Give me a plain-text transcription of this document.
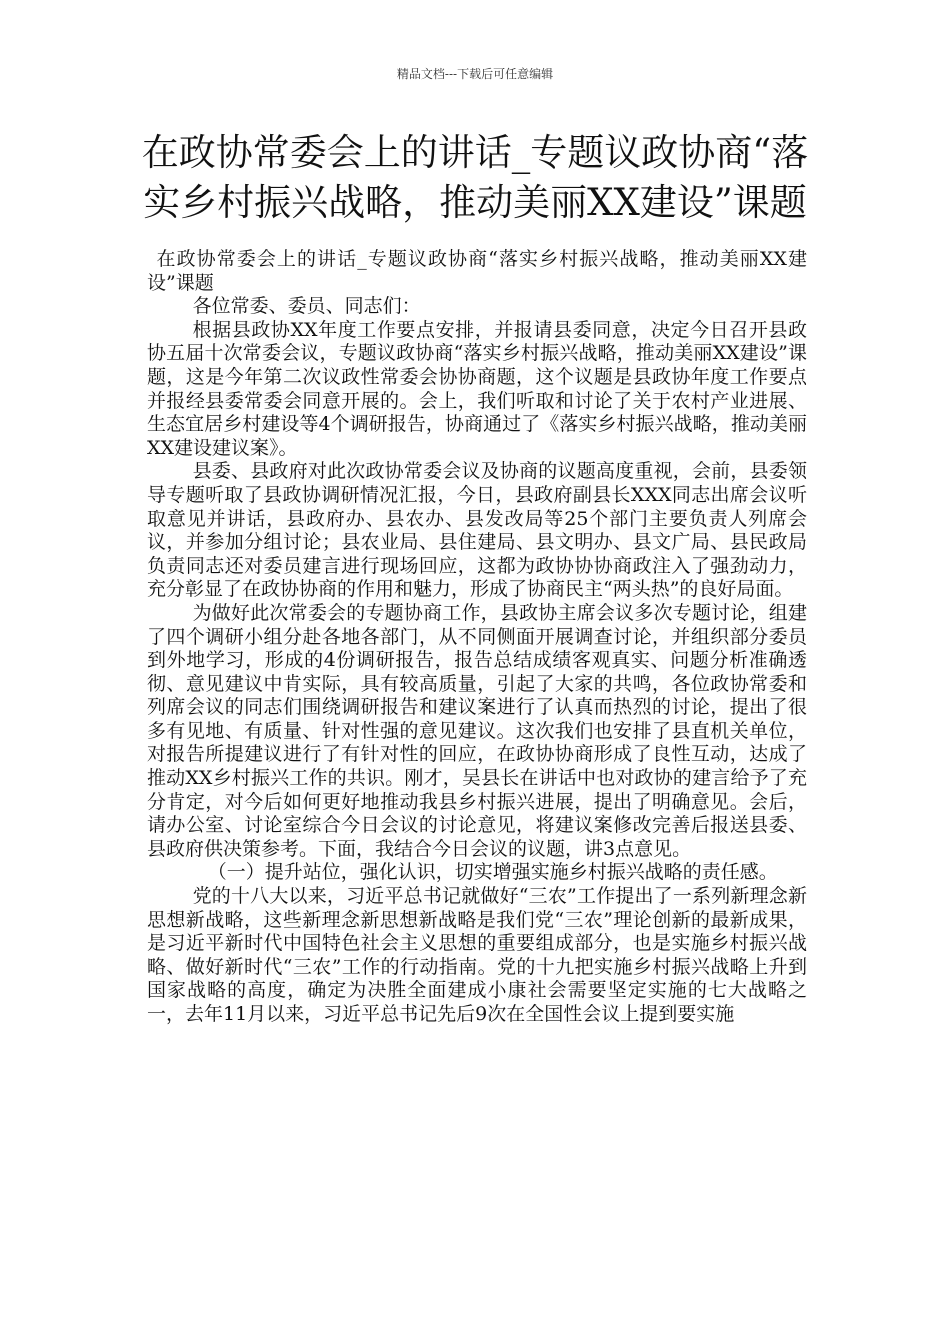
精品文档---下载后可任意编辑
在政协常委会上的讲话_专题议政协商“落
实乡村振兴战略，推动美丽XX建设”课题

在政协常委会上的讲话_专题议政协商“落实乡村振兴战略，推动美丽XX建设”课题

各位常委、委员、同志们：

根据县政协XX年度工作要点安排，并报请县委同意，决定今日召开县政协五届十次常委会议，专题议政协商“落实乡村振兴战略，推动美丽XX建设”课题，这是今年第二次议政性常委会协协商题，这个议题是县政协年度工作要点并报经县委常委会同意开展的。会上，我们听取和讨论了关于农村产业进展、生态宜居乡村建设等4个调研报告，协商通过了《落实乡村振兴战略，推动美丽XX建设建议案》。

县委、县政府对此次政协常委会议及协商的议题高度重视，会前，县委领导专题听取了县政协调研情况汇报，今日，县政府副县长XXX同志出席会议听取意见并讲话，县政府办、县农办、县发改局等25个部门主要负责人列席会议，并参加分组讨论；县农业局、县住建局、县文明办、县文广局、县民政局负责同志还对委员建言进行现场回应，这都为政协协协商政注入了强劲动力，充分彰显了在政协协商的作用和魅力，形成了协商民主“两头热”的良好局面。

为做好此次常委会的专题协商工作，县政协主席会议多次专题讨论，组建了四个调研小组分赴各地各部门，从不同侧面开展调查讨论，并组织部分委员到外地学习，形成的4份调研报告，报告总结成绩客观真实、问题分析准确透彻、意见建议中肯实际，具有较高质量，引起了大家的共鸣，各位政协常委和列席会议的同志们围绕调研报告和建议案进行了认真而热烈的讨论，提出了很多有见地、有质量、针对性强的意见建议。这次我们也安排了县直机关单位，对报告所提建议进行了有针对性的回应，在政协协商形成了良性互动，达成了推动XX乡村振兴工作的共识。刚才，吴县长在讲话中也对政协的建言给予了充分肯定，对今后如何更好地推动我县乡村振兴进展，提出了明确意见。会后，请办公室、讨论室综合今日会议的讨论意见，将建议案修改完善后报送县委、县政府供决策参考。下面，我结合今日会议的议题，讲3点意见。

（一）提升站位，强化认识，切实增强实施乡村振兴战略的责任感。

党的十八大以来，习近平总书记就做好“三农”工作提出了一系列新理念新思想新战略，这些新理念新思想新战略是我们党“三农”理论创新的最新成果，是习近平新时代中国特色社会主义思想的重要组成部分，也是实施乡村振兴战略、做好新时代“三农”工作的行动指南。党的十九把实施乡村振兴战略上升到国家战略的高度，确定为决胜全面建成小康社会需要坚定实施的七大战略之一，去年11月以来，习近平总书记先后9次在全国性会议上提到要实施
